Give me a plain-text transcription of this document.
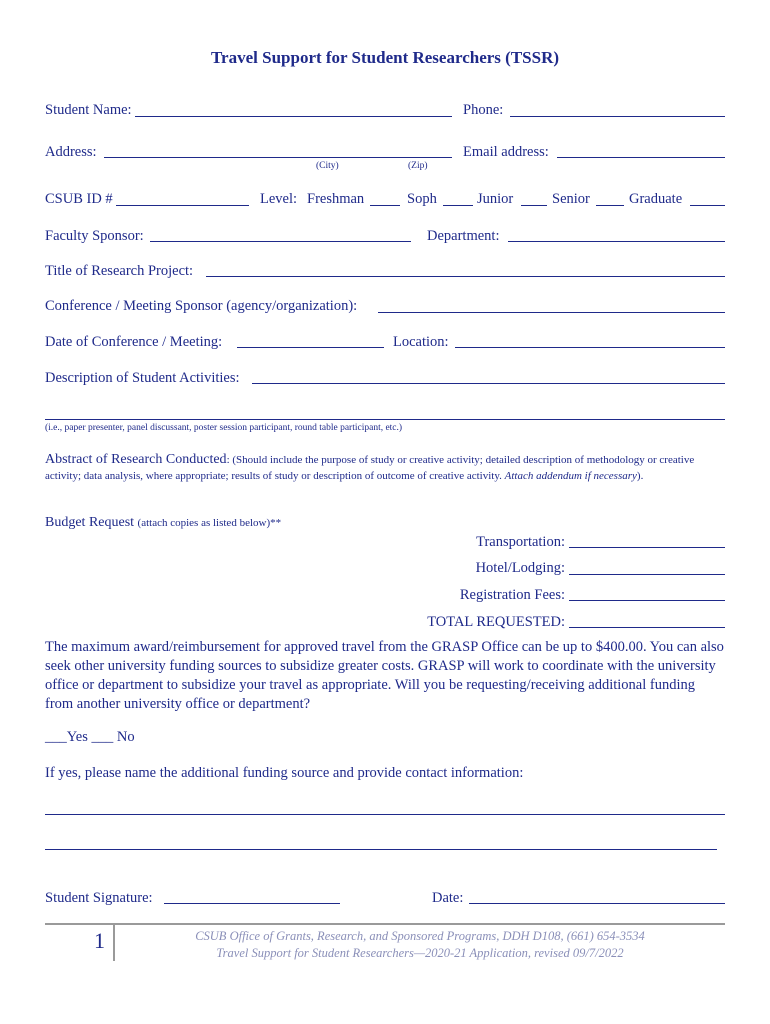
Travel Support for Student Researchers (TSSR)
Student Name:	Phone:
Address:	Email address:
(City)	(Zip)
CSUB ID #	Level: Freshman	Soph	Junior	Senior	Graduate
Faculty Sponsor:	Department:
Title of Research Project:
Conference / Meeting Sponsor (agency/organization):
Date of Conference / Meeting:	Location:
Description of Student Activities:
(i.e., paper presenter, panel discussant, poster session participant, round table participant, etc.)
Abstract of Research Conducted: (Should include the purpose of study or creative activity; detailed description of methodology or creative activity; data analysis, where appropriate; results of study or description of outcome of creative activity. Attach addendum if necessary).
Budget Request (attach copies as listed below)**
Transportation:
Hotel/Lodging:
Registration Fees:
TOTAL REQUESTED:
The maximum award/reimbursement for approved travel from the GRASP Office can be up to $400.00. You can also seek other university funding sources to subsidize greater costs. GRASP will work to coordinate with the university office or department to subsidize your travel as appropriate. Will you be requesting/receiving additional funding from another university office or department?
___Yes ___ No
If yes, please name the additional funding source and provide contact information:
Student Signature:	Date:
1	CSUB Office of Grants, Research, and Sponsored Programs, DDH D108, (661) 654-3534
Travel Support for Student Researchers—2020-21 Application, revised 09/7/2022
